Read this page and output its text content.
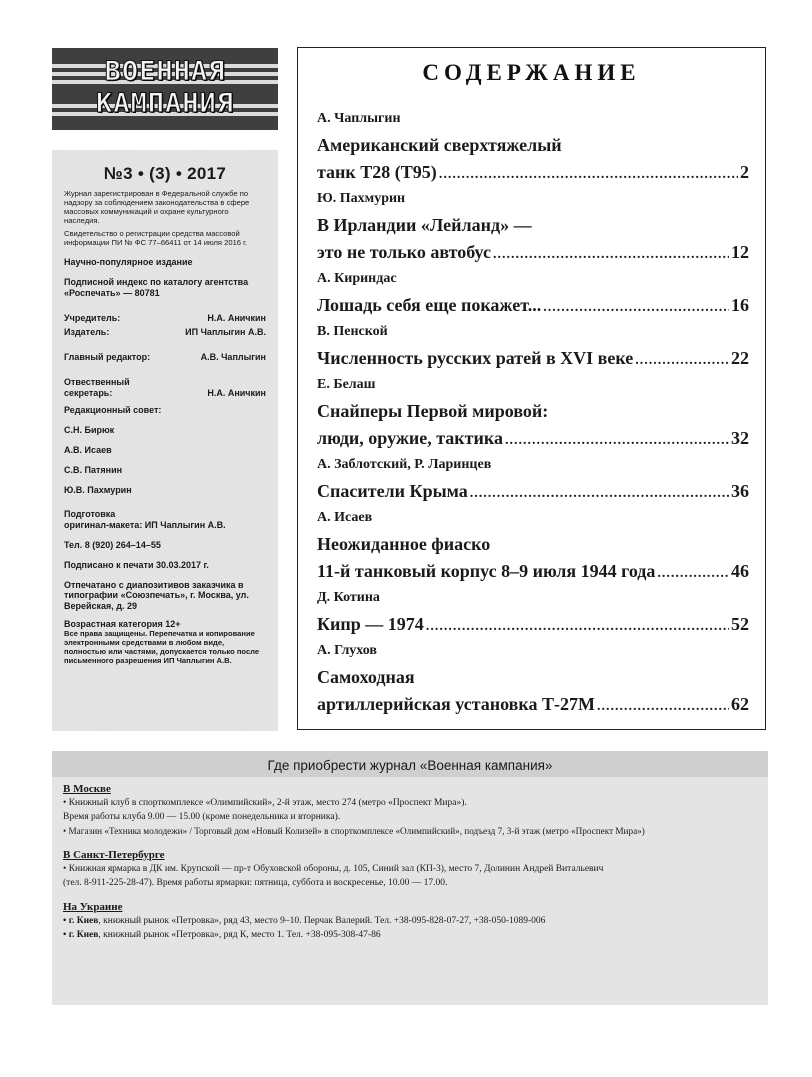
ВОЕННАЯ
КАМПАНИЯ
№3 • (3) • 2017
Журнал зарегистрирован в Федеральной службе по надзору за соблюдением законодательства в сфере массовых коммуникаций и охране культурного наследия.
Свидетельство о регистрации средства массовой информации ПИ № ФС 77–66411 от 14 июля 2016 г.
Научно-популярное издание
Подписной индекс по каталогу агентства «Роспечать» — 80781
Учредитель:	Н.А. Аничкин
Издатель:	ИП Чаплыгин А.В.
Главный редактор:	А.В. Чаплыгин
Отвественный
секретарь:	Н.А. Аничкин
Редакционный совет:
С.Н. Бирюк
А.В. Исаев
С.В. Патянин
Ю.В. Пахмурин
Подготовка
оригинал-макета: ИП Чаплыгин А.В.
Тел. 8 (920) 264–14–55
Подписано к печати 30.03.2017 г.
Отпечатано с диапозитивов заказчика в типографии «Союзпечать», г. Москва, ул. Верейская, д. 29
Возрастная категория 12+
Все права защищены. Перепечатка и копирование электронными средствами в любом виде, полностью или частями, допускается только после письменного разрешения ИП Чаплыгин А.В.
СОДЕРЖАНИЕ
А. Чаплыгин
Американский сверхтяжелый
танк Т28 (Т95) .....	2
Ю. Пахмурин
В Ирландии «Лейланд» —
это не только автобус .....	12
А. Кириндас
Лошадь себя еще покажет... .....	16
В. Пенской
Численность русских ратей в XVI веке .....	22
Е. Белаш
Снайперы Первой мировой:
люди, оружие, тактика .....	32
А. Заблотский, Р. Ларинцев
Спасители Крыма .....	36
А. Исаев
Неожиданное фиаско
11-й танковый корпус 8–9 июля 1944 года .....	46
Д. Котина
Кипр — 1974 .....	52
А. Глухов
Самоходная
артиллерийская установка Т-27М .....	62
Где приобрести журнал «Военная кампания»
В Москве
• Книжный клуб в спорткомплексе «Олимпийский», 2-й этаж, место 274 (метро «Проспект Мира»).
Время работы клуба 9.00 — 15.00 (кроме понедельника и вторника).
• Магазин «Техника молодежи» / Торговый дом «Новый Колизей» в спорткомплексе «Олимпийский», подъезд 7, 3-й этаж (метро «Проспект Мира»)
В Санкт-Петербурге
• Книжная ярмарка в ДК им. Крупской — пр-т Обуховской обороны, д. 105, Синий зал (КП-3), место 7, Долинин Андрей Витальевич
(тел. 8-911-225-28-47). Время работы ярмарки: пятница, суббота и воскресенье, 10.00 — 17.00.
На Украине
• г. Киев, книжный рынок «Петровка», ряд 43, место 9–10. Перчак Валерий. Тел. +38-095-828-07-27, +38-050-1089-006
• г. Киев, книжный рынок «Петровка», ряд К, место 1. Тел. +38-095-308-47-86
